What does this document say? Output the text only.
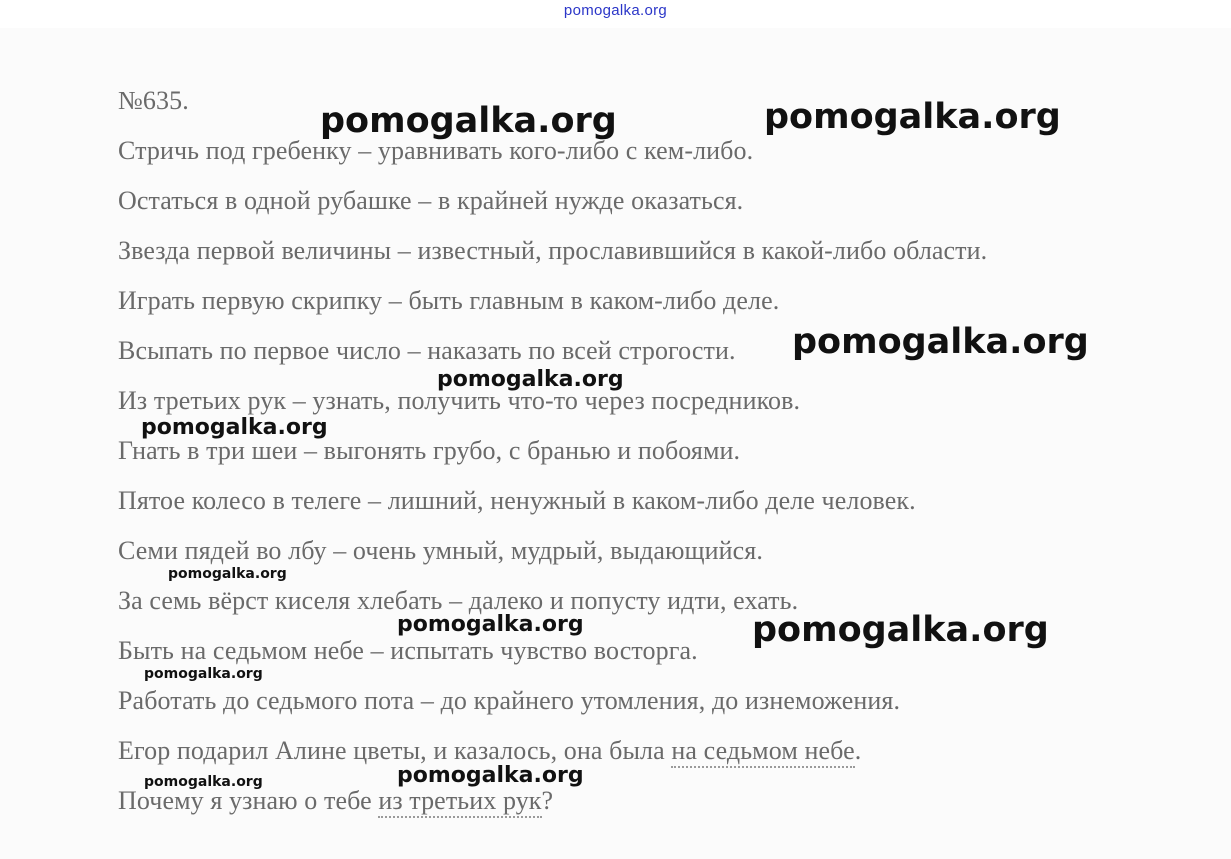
pomogalka.org
№635.
Стричь под гребенку – уравнивать кого-либо с кем-либо.
Остаться в одной рубашке – в крайней нужде оказаться.
Звезда первой величины – известный, прославившийся в какой-либо области.
Играть первую скрипку – быть главным в каком-либо деле.
Всыпать по первое число – наказать по всей строгости.
Из третьих рук – узнать, получить что-то через посредников.
Гнать в три шеи – выгонять грубо, с бранью и побоями.
Пятое колесо в телеге – лишний, ненужный в каком-либо деле человек.
Семи пядей во лбу – очень умный, мудрый, выдающийся.
За семь вёрст киселя хлебать – далеко и попусту идти, ехать.
Быть на седьмом небе – испытать чувство восторга.
Работать до седьмого пота – до крайнего утомления, до изнеможения.
Егор подарил Алине цветы, и казалось, она была на седьмом небе.
Почему я узнаю о тебе из третьих рук?
pomogalka.org	pomogalka.org
pomogalka.org
pomogalka.org
pomogalka.org
pomogalka.org
pomogalka.org	pomogalka.org
pomogalka.org
pomogalka.org
pomogalka.org
